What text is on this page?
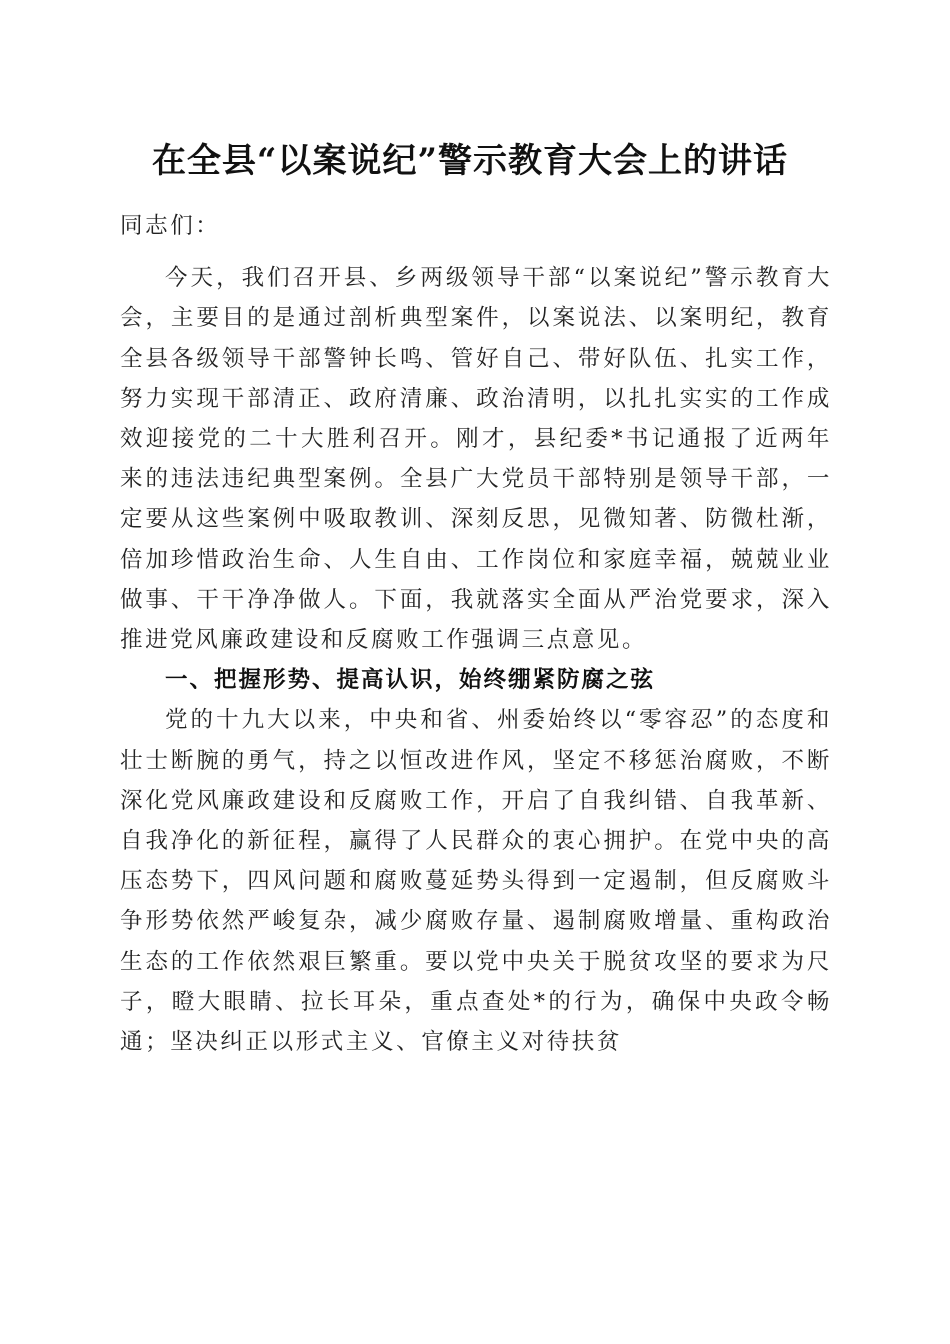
在全县“以案说纪”警示教育大会上的讲话

同志们：

今天，我们召开县、乡两级领导干部“以案说纪”警示教育大会，主要目的是通过剖析典型案件，以案说法、以案明纪，教育全县各级领导干部警钟长鸣、管好自己、带好队伍、扎实工作，努力实现干部清正、政府清廉、政治清明，以扎扎实实的工作成效迎接党的二十大胜利召开。刚才，县纪委*书记通报了近两年来的违法违纪典型案例。全县广大党员干部特别是领导干部，一定要从这些案例中吸取教训、深刻反思，见微知著、防微杜渐，倍加珍惜政治生命、人生自由、工作岗位和家庭幸福，兢兢业业做事、干干净净做人。下面，我就落实全面从严治党要求，深入推进党风廉政建设和反腐败工作强调三点意见。

一、把握形势、提高认识，始终绷紧防腐之弦

党的十九大以来，中央和省、州委始终以“零容忍”的态度和壮士断腕的勇气，持之以恒改进作风，坚定不移惩治腐败，不断深化党风廉政建设和反腐败工作，开启了自我纠错、自我革新、自我净化的新征程，赢得了人民群众的衷心拥护。在党中央的高压态势下，四风问题和腐败蔓延势头得到一定遏制，但反腐败斗争形势依然严峻复杂，减少腐败存量、遏制腐败增量、重构政治生态的工作依然艰巨繁重。要以党中央关于脱贫攻坚的要求为尺子，瞪大眼睛、拉长耳朵，重点查处*的行为，确保中央政令畅通；坚决纠正以形式主义、官僚主义对待扶贫
